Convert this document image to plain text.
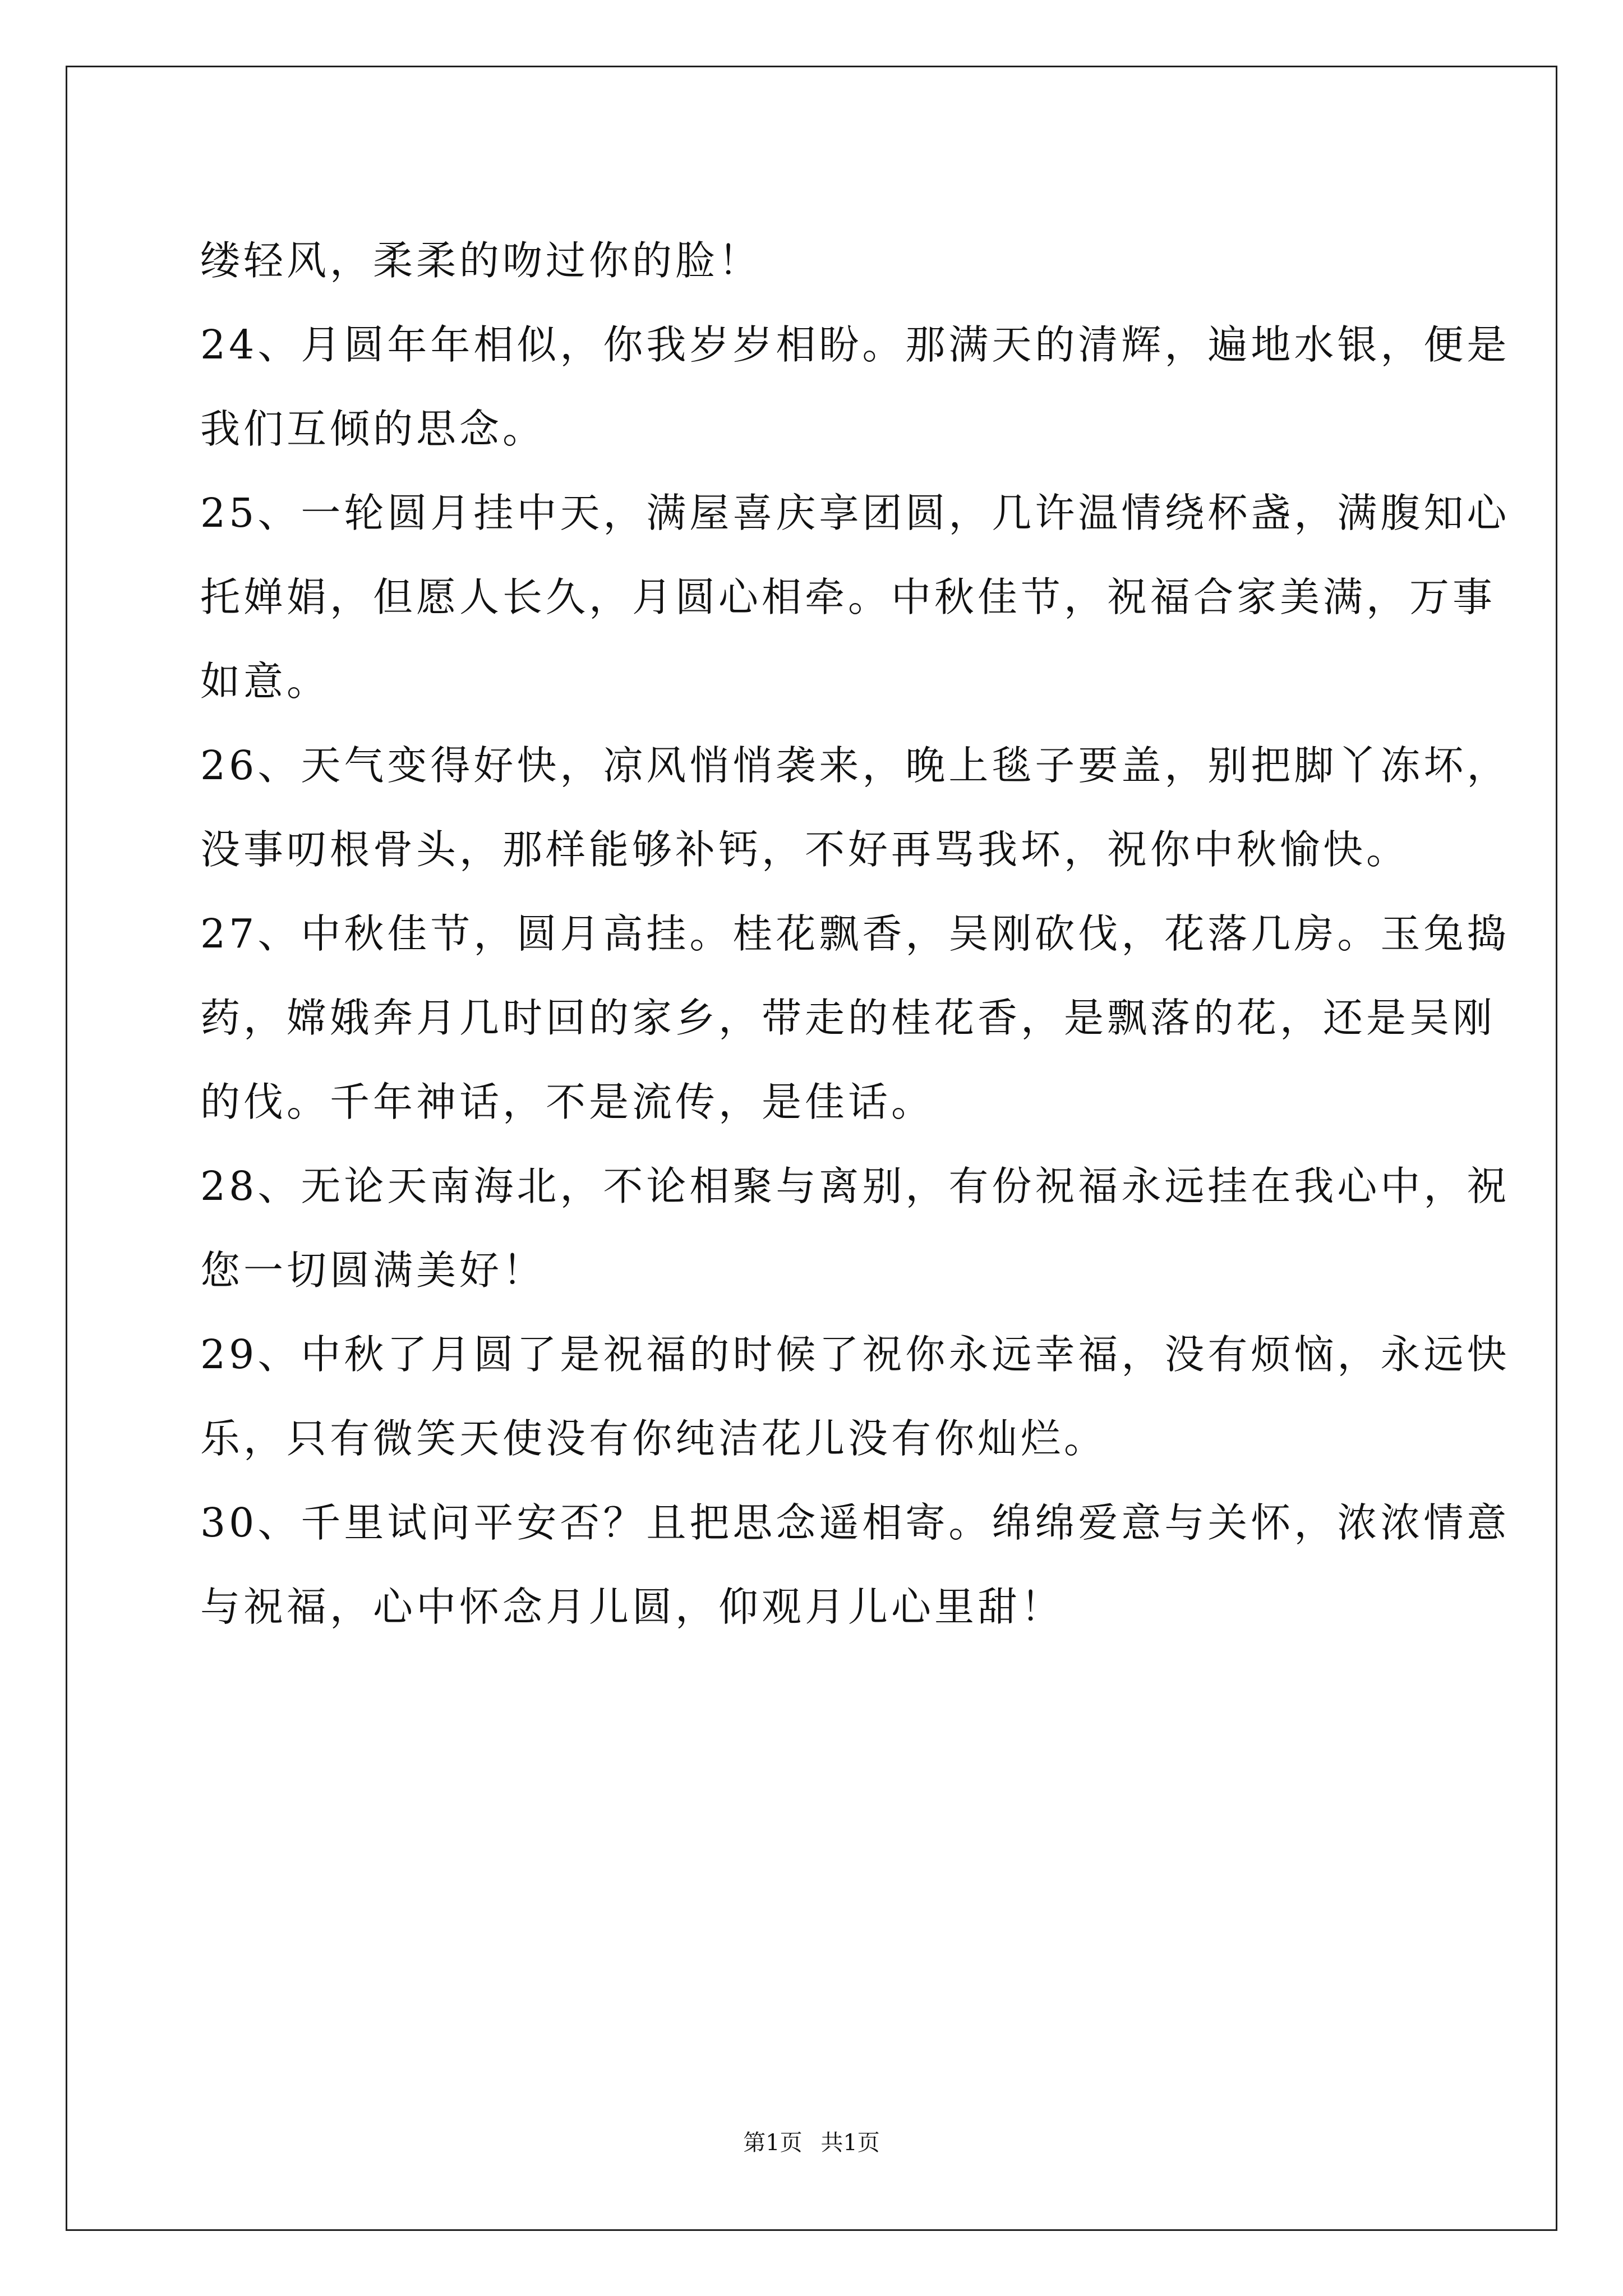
缕轻风，柔柔的吻过你的脸！
24、月圆年年相似，你我岁岁相盼。那满天的清辉，遍地水银，便是
我们互倾的思念。
25、一轮圆月挂中天，满屋喜庆享团圆，几许温情绕杯盏，满腹知心
托婵娟，但愿人长久，月圆心相牵。中秋佳节，祝福合家美满，万事
如意。
26、天气变得好快，凉风悄悄袭来，晚上毯子要盖，别把脚丫冻坏，
没事叨根骨头，那样能够补钙，不好再骂我坏，祝你中秋愉快。
27、中秋佳节，圆月高挂。桂花飘香，吴刚砍伐，花落几房。玉兔捣
药，嫦娥奔月几时回的家乡，带走的桂花香，是飘落的花，还是吴刚
的伐。千年神话，不是流传，是佳话。
28、无论天南海北，不论相聚与离别，有份祝福永远挂在我心中，祝
您一切圆满美好！
29、中秋了月圆了是祝福的时候了祝你永远幸福，没有烦恼，永远快
乐，只有微笑天使没有你纯洁花儿没有你灿烂。
30、千里试问平安否？且把思念遥相寄。绵绵爱意与关怀，浓浓情意
与祝福，心中怀念月儿圆，仰观月儿心里甜！
第1页 共1页
